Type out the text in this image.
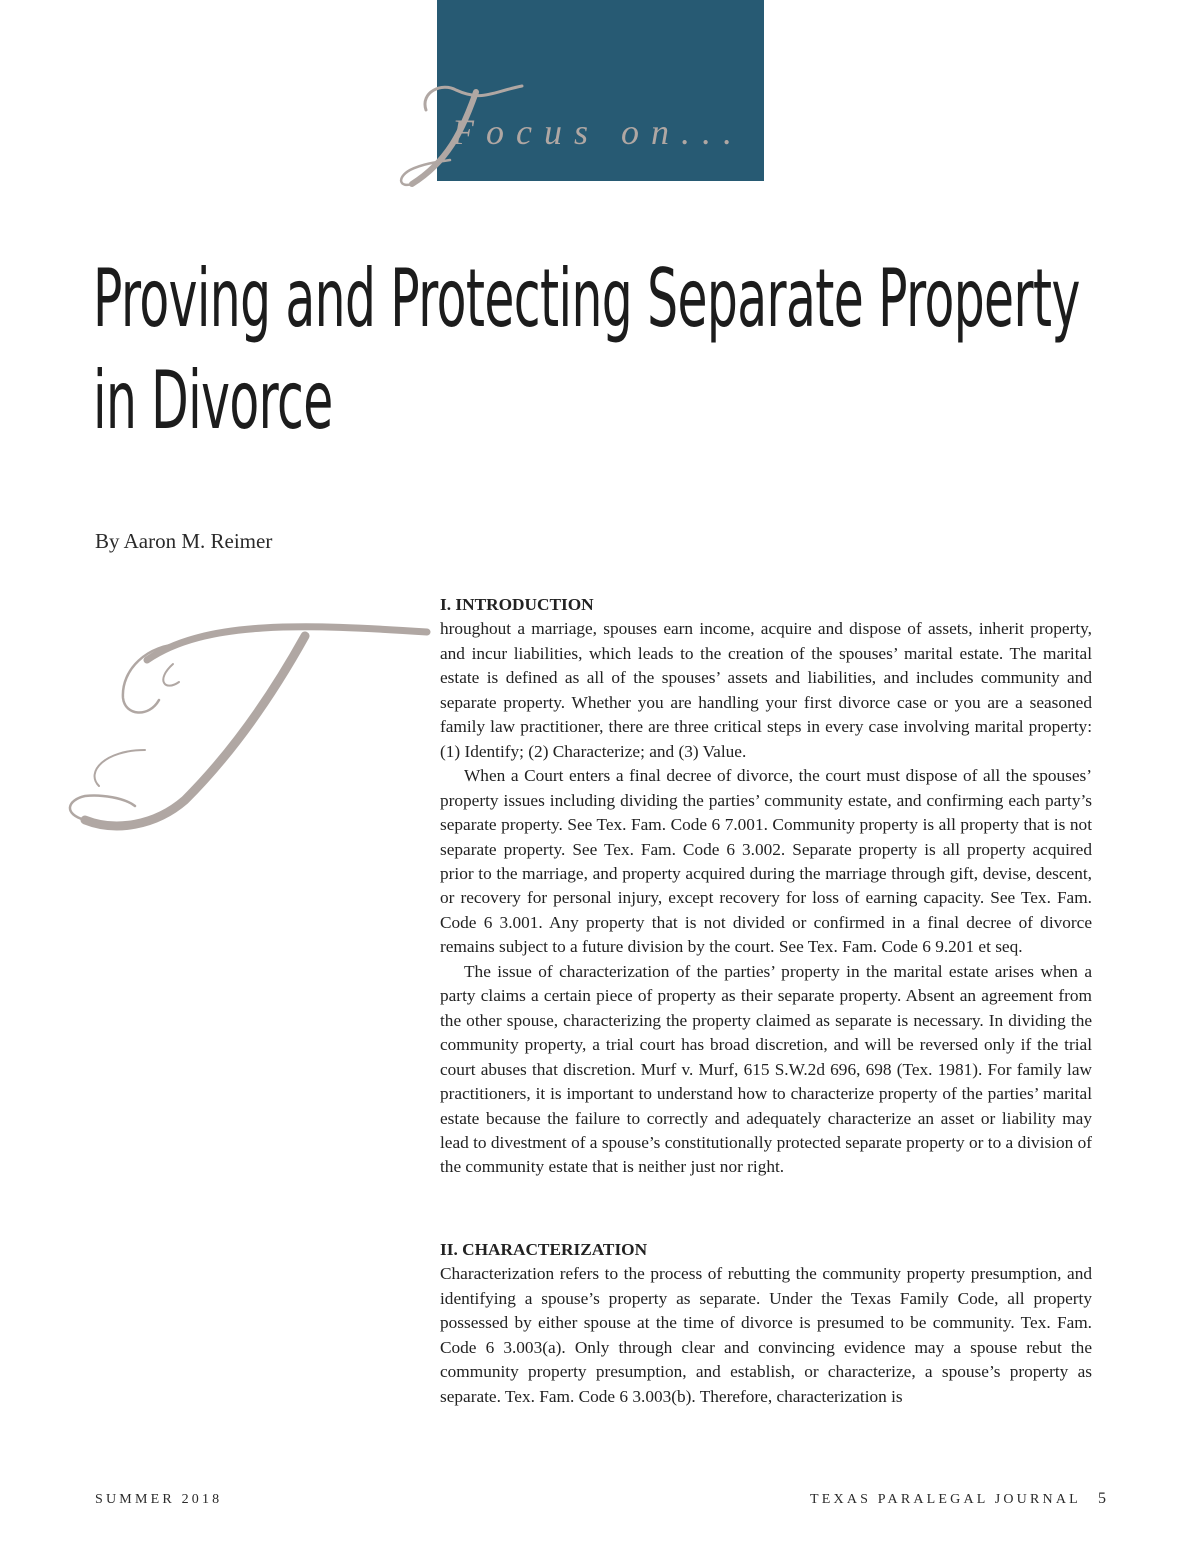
Focus on...
Proving and Protecting Separate Property
in Divorce
By Aaron M. Reimer
I. INTRODUCTION

hroughout a marriage, spouses earn income, acquire and dispose of assets, inherit property, and incur liabilities, which leads to the creation of the spouses’ marital estate. The marital estate is defined as all of the spouses’ assets and liabilities, and includes community and separate property. Whether you are handling your first divorce case or you are a seasoned family law practitioner, there are three critical steps in every case involving marital property: (1) Identify; (2) Characterize; and (3) Value.

When a Court enters a final decree of divorce, the court must dispose of all the spouses’ property issues including dividing the parties’ community estate, and confirming each party’s separate property. See Tex. Fam. Code 6 7.001. Community property is all property that is not separate property. See Tex. Fam. Code 6 3.002. Separate property is all property acquired prior to the marriage, and property acquired during the marriage through gift, devise, descent, or recovery for personal injury, except recovery for loss of earning capacity. See Tex. Fam. Code 6 3.001. Any property that is not divided or confirmed in a final decree of divorce remains subject to a future division by the court. See Tex. Fam. Code 6 9.201 et seq.

The issue of characterization of the parties’ property in the marital estate arises when a party claims a certain piece of property as their separate property. Absent an agreement from the other spouse, characterizing the property claimed as separate is necessary. In dividing the community property, a trial court has broad discretion, and will be reversed only if the trial court abuses that discretion. Murf v. Murf, 615 S.W.2d 696, 698 (Tex. 1981). For family law practitioners, it is important to understand how to characterize property of the parties’ marital estate because the failure to correctly and adequately characterize an asset or liability may lead to divestment of a spouse’s constitutionally protected separate property or to a division of the community estate that is neither just nor right.

II. CHARACTERIZATION

Characterization refers to the process of rebutting the community property presumption, and identifying a spouse’s property as separate. Under the Texas Family Code, all property possessed by either spouse at the time of divorce is presumed to be community. Tex. Fam. Code 6 3.003(a). Only through clear and convincing evidence may a spouse rebut the community property presumption, and establish, or characterize, a spouse’s property as separate. Tex. Fam. Code 6 3.003(b). Therefore, characterization is

SUMMER 2018	TEXAS PARALEGAL JOURNAL 5
